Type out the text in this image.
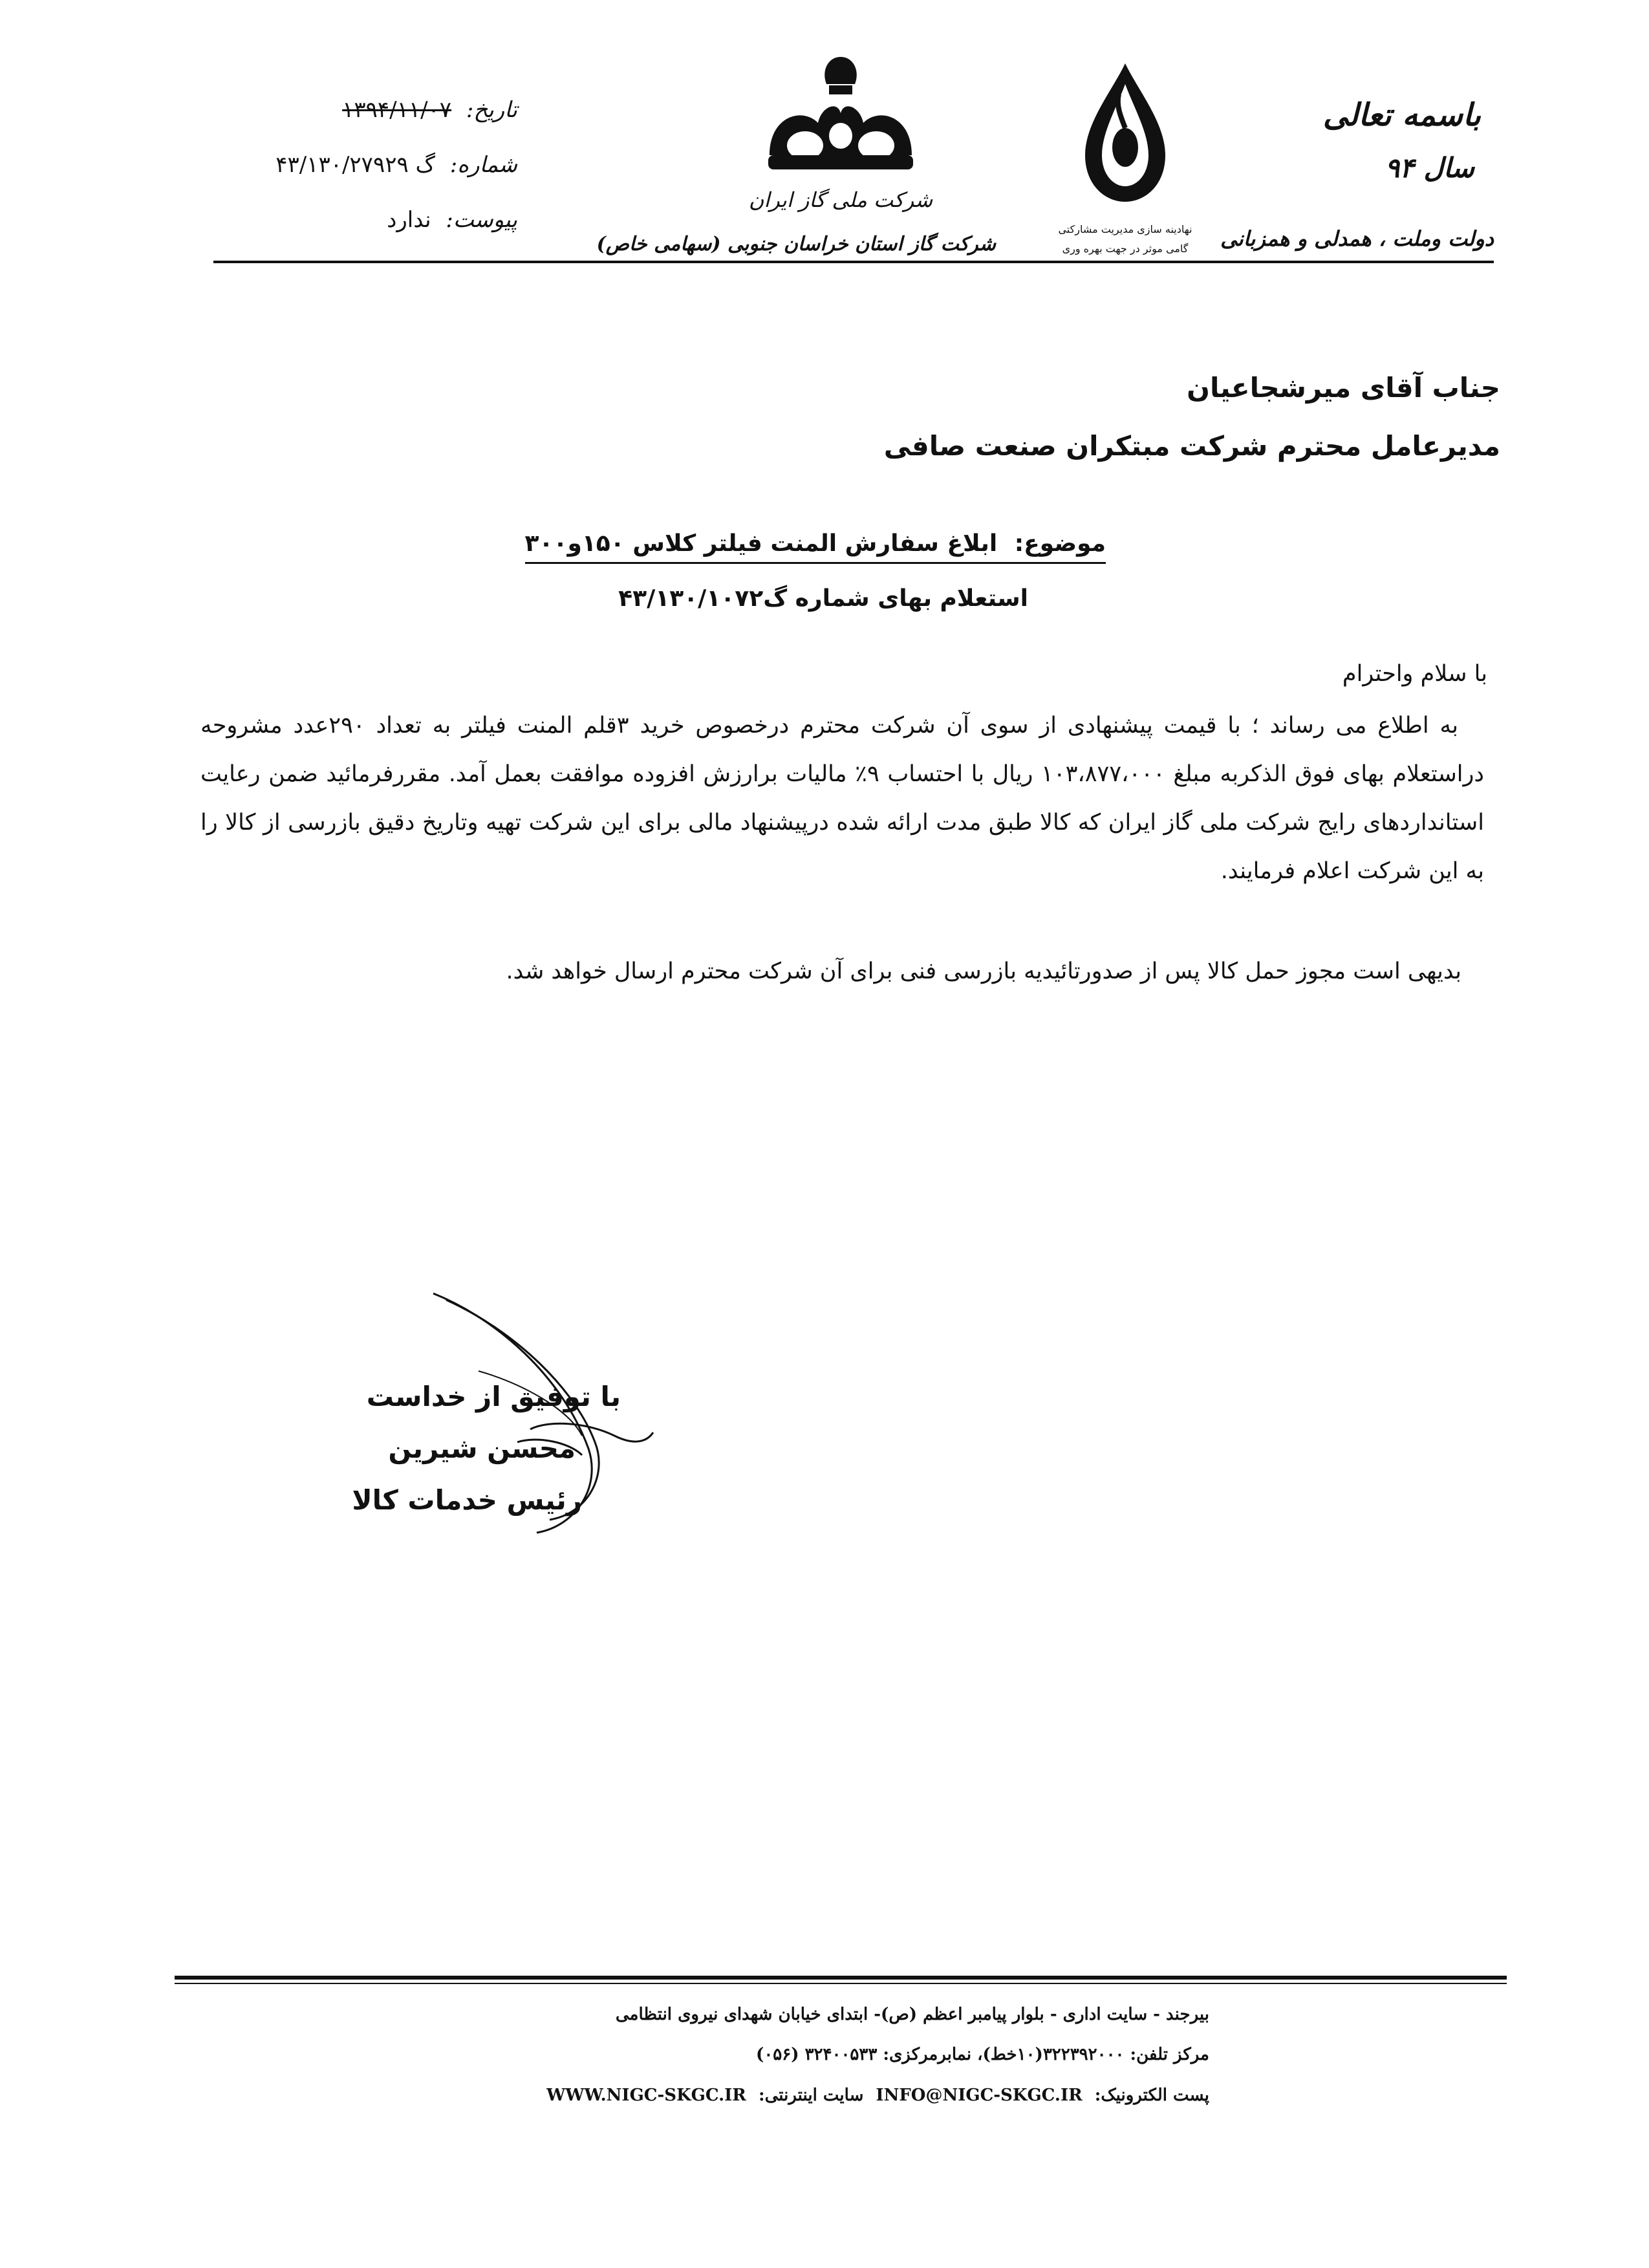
باسمه تعالی
سال ۹۴
دولت وملت ، همدلی و همزبانی
نهادینه سازی مدیریت مشارکتی
گامی موثر در جهت بهره وری
شرکت ملی گاز ایران
شرکت گاز استان خراسان جنوبی (سهامی خاص)
تاریخ: ۱۳۹۴/۱۱/۰۷
شماره: گ ۴۳/۱۳۰/۲۷۹۲۹
پیوست: ندارد
جناب آقای میرشجاعیان
مدیرعامل محترم شرکت مبتکران صنعت صافی
موضوع: ابلاغ سفارش المنت فیلتر کلاس ۱۵۰و۳۰۰
استعلام بهای شماره گ۴۳/۱۳۰/۱۰۷۲
با سلام واحترام
به اطلاع می رساند ؛ با قیمت پیشنهادی از سوی آن شرکت محترم درخصوص خرید ۳قلم المنت فیلتر به تعداد ۲۹۰عدد مشروحه دراستعلام بهای فوق الذکربه مبلغ ۱۰۳،۸۷۷،۰۰۰ ریال با احتساب ۹٪ مالیات برارزش افزوده موافقت بعمل آمد. مقررفرمائید ضمن رعایت استانداردهای رایج شرکت ملی گاز ایران که کالا طبق مدت ارائه شده درپیشنهاد مالی برای این شرکت تهیه وتاریخ دقیق بازرسی از کالا را به این شرکت اعلام فرمایند.
بدیهی است مجوز حمل کالا پس از صدورتائیدیه بازرسی فنی برای آن شرکت محترم ارسال خواهد شد.
با توفیق از خداست
محسن شیرین
رئیس خدمات کالا
بیرجند - سایت اداری - بلوار پیامبر اعظم (ص)- ابتدای خیابان شهدای نیروی انتظامی
مرکز تلفن: ۳۲۲۳۹۲۰۰۰(۱۰خط)، نمابرمرکزی: ۳۲۴۰۰۵۳۳ (۰۵۶)
پست الکترونیک: INFO@NIGC-SKGC.IR سایت اینترنتی: WWW.NIGC-SKGC.IR
